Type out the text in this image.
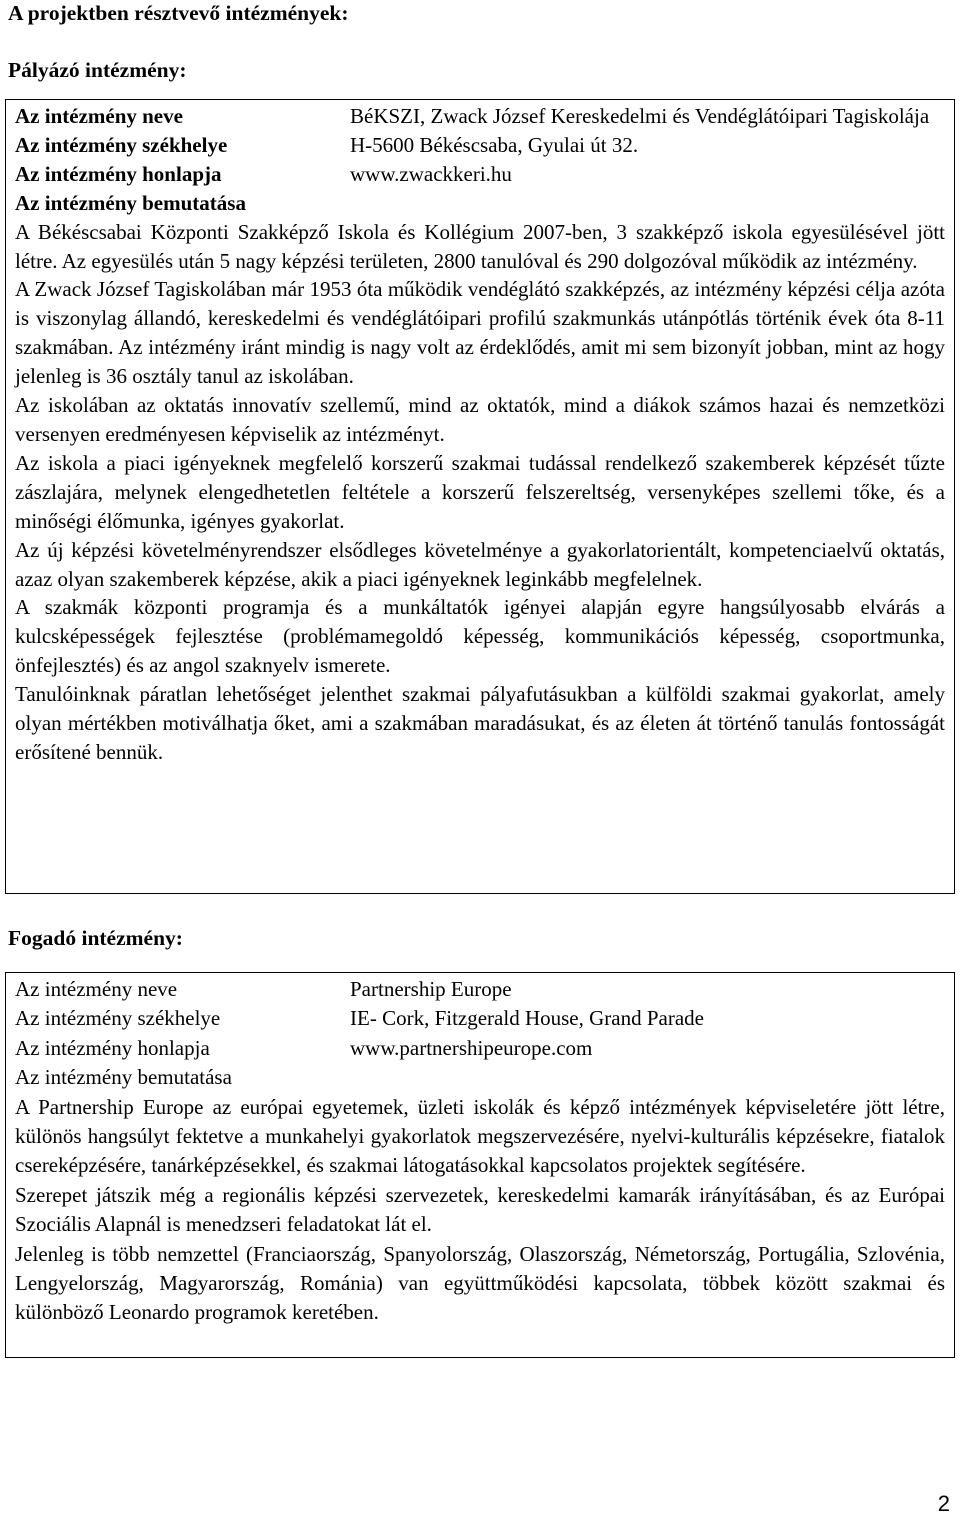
A projektben résztvevő intézmények:
Pályázó intézmény:
Az intézmény neve	BéKSZI, Zwack József Kereskedelmi és Vendéglátóipari Tagiskolája
Az intézmény székhelye	H-5600 Békéscsaba, Gyulai út 32.
Az intézmény honlapja	www.zwackkeri.hu
Az intézmény bemutatása

A Békéscsabai Központi Szakképző Iskola és Kollégium 2007-ben, 3 szakképző iskola egyesülésével jött létre. Az egyesülés után 5 nagy képzési területen, 2800 tanulóval és 290 dolgozóval működik az intézmény.

A Zwack József Tagiskolában már 1953 óta működik vendéglátó szakképzés, az intézmény képzési célja azóta is viszonylag állandó, kereskedelmi és vendéglátóipari profilú szakmunkás utánpótlás történik évek óta 8-11 szakmában. Az intézmény iránt mindig is nagy volt az érdeklődés, amit mi sem bizonyít jobban, mint az hogy jelenleg is 36 osztály tanul az iskolában.

Az iskolában az oktatás innovatív szellemű, mind az oktatók, mind a diákok számos hazai és nemzetközi versenyen eredményesen képviselik az intézményt.

Az iskola a piaci igényeknek megfelelő korszerű szakmai tudással rendelkező szakemberek képzését tűzte zászlajára, melynek elengedhetetlen feltétele a korszerű felszereltség, versenyképes szellemi tőke, és a minőségi élőmunka, igényes gyakorlat.

Az új képzési követelményrendszer elsődleges követelménye a gyakorlatorientált, kompetenciaelvű oktatás, azaz olyan szakemberek képzése, akik a piaci igényeknek leginkább megfelelnek.

A szakmák központi programja és a munkáltatók igényei alapján egyre hangsúlyosabb elvárás a kulcsképességek fejlesztése (problémamegoldó képesség, kommunikációs képesség, csoportmunka, önfejlesztés) és az angol szaknyelv ismerete.

Tanulóinknak páratlan lehetőséget jelenthet szakmai pályafutásukban a külföldi szakmai gyakorlat, amely olyan mértékben motiválhatja őket, ami a szakmában maradásukat, és az életen át történő tanulás fontosságát erősítené bennük.

Fogadó intézmény:
Az intézmény neve	Partnership Europe
Az intézmény székhelye	IE- Cork, Fitzgerald House, Grand Parade
Az intézmény honlapja	www.partnershipeurope.com
Az intézmény bemutatása

A Partnership Europe az európai egyetemek, üzleti iskolák és képző intézmények képviseletére jött létre, különös hangsúlyt fektetve a munkahelyi gyakorlatok megszervezésére, nyelvi-kulturális képzésekre, fiatalok csereképzésére, tanárképzésekkel, és szakmai látogatásokkal kapcsolatos projektek segítésére.

Szerepet játszik még a regionális képzési szervezetek, kereskedelmi kamarák irányításában, és az Európai Szociális Alapnál is menedzseri feladatokat lát el.

Jelenleg is több nemzettel (Franciaország, Spanyolország, Olaszország, Németország, Portugália, Szlovénia, Lengyelország, Magyarország, Románia) van együttműködési kapcsolata, többek között szakmai és különböző Leonardo programok keretében.

2
